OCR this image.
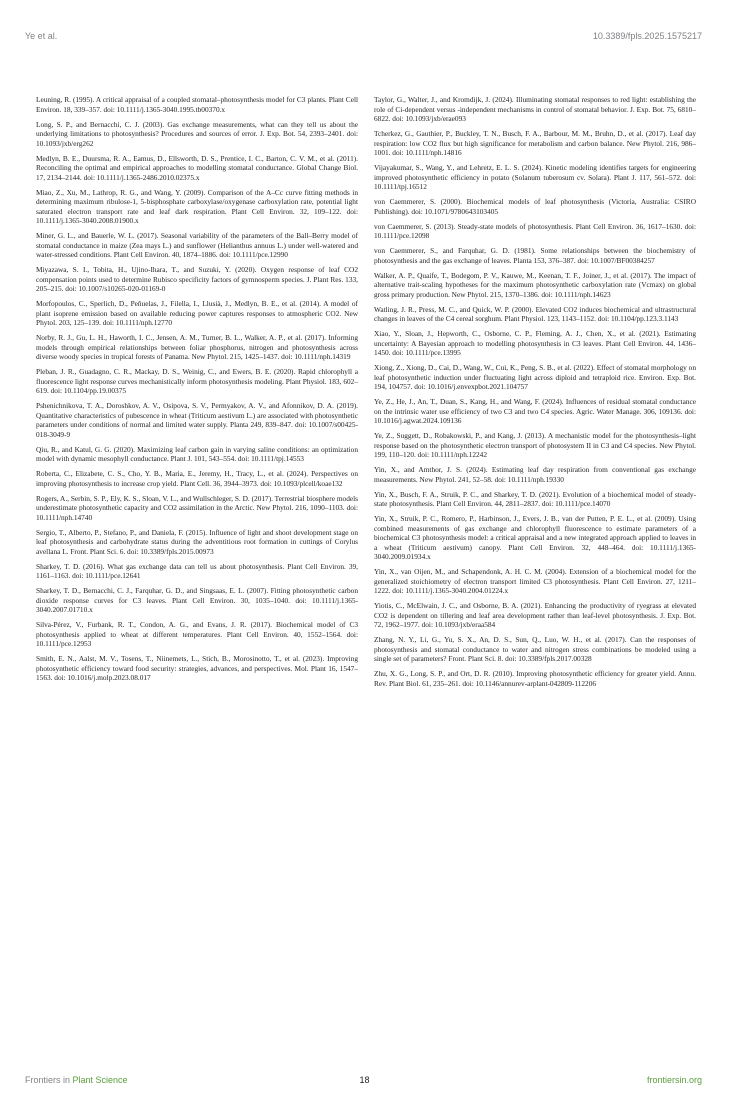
Ye et al.	10.3389/fpls.2025.1575217

Leuning, R. (1995). A critical appraisal of a coupled stomatal–photosynthesis model for C3 plants. Plant Cell Environ. 18, 339–357. doi: 10.1111/j.1365-3040.1995.tb00370.x

Long, S. P., and Bernacchi, C. J. (2003). Gas exchange measurements, what can they tell us about the underlying limitations to photosynthesis? Procedures and sources of error. J. Exp. Bot. 54, 2393–2401. doi: 10.1093/jxb/erg262

Medlyn, B. E., Duursma, R. A., Eamus, D., Ellsworth, D. S., Prentice, I. C., Barton, C. V. M., et al. (2011). Reconciling the optimal and empirical approaches to modelling stomatal conductance. Global Change Biol. 17, 2134–2144. doi: 10.1111/j.1365-2486.2010.02375.x

Miao, Z., Xu, M., Lathrop, R. G., and Wang, Y. (2009). Comparison of the A–Cc curve fitting methods in determining maximum ribulose-1, 5-bisphosphate carboxylase/oxygenase carboxylation rate, potential light saturated electron transport rate and leaf dark respiration. Plant Cell Environ. 32, 109–122. doi: 10.1111/j.1365-3040.2008.01900.x

Miner, G. L., and Bauerle, W. L. (2017). Seasonal variability of the parameters of the Ball–Berry model of stomatal conductance in maize (Zea mays L.) and sunflower (Helianthus annuus L.) under well-watered and water-stressed conditions. Plant Cell Environ. 40, 1874–1886. doi: 10.1111/pce.12990

Miyazawa, S. I., Tobita, H., Ujino-Ihara, T., and Suzuki, Y. (2020). Oxygen response of leaf CO2 compensation points used to determine Rubisco specificity factors of gymnosperm species. J. Plant Res. 133, 205–215. doi: 10.1007/s10265-020-01169-0

Morfopoulos, C., Sperlich, D., Peñuelas, J., Filella, I., Llusià, J., Medlyn, B. E., et al. (2014). A model of plant isoprene emission based on available reducing power captures responses to atmospheric CO2. New Phytol. 203, 125–139. doi: 10.1111/nph.12770

Norby, R. J., Gu, L. H., Haworth, I. C., Jensen, A. M., Turner, B. L., Walker, A. P., et al. (2017). Informing models through empirical relationships between foliar phosphorus, nitrogen and photosynthesis across diverse woody species in tropical forests of Panama. New Phytol. 215, 1425–1437. doi: 10.1111/nph.14319

Pleban, J. R., Guadagno, C. R., Mackay, D. S., Weinig, C., and Ewers, B. E. (2020). Rapid chlorophyll a fluorescence light response curves mechanistically inform photosynthesis modeling. Plant Physiol. 183, 602–619. doi: 10.1104/pp.19.00375

Pshenichnikova, T. A., Doroshkov, A. V., Osipova, S. V., Permyakov, A. V., and Afonnikov, D. A. (2019). Quantitative characteristics of pubescence in wheat (Triticum aestivum L.) are associated with photosynthetic parameters under conditions of normal and limited water supply. Planta 249, 839–847. doi: 10.1007/s00425-018-3049-9

Qiu, R., and Katul, G. G. (2020). Maximizing leaf carbon gain in varying saline conditions: an optimization model with dynamic mesophyll conductance. Plant J. 101, 543–554. doi: 10.1111/tpj.14553

Roberta, C., Elizabete, C. S., Cho, Y. B., Maria, E., Jeremy, H., Tracy, L., et al. (2024). Perspectives on improving photosynthesis to increase crop yield. Plant Cell. 36, 3944–3973. doi: 10.1093/plcell/koae132

Rogers, A., Serbin, S. P., Ely, K. S., Sloan, V. L., and Wullschleger, S. D. (2017). Terrestrial biosphere models underestimate photosynthetic capacity and CO2 assimilation in the Arctic. New Phytol. 216, 1090–1103. doi: 10.1111/nph.14740

Sergio, T., Alberto, P., Stefano, P., and Daniela, F. (2015). Influence of light and shoot development stage on leaf photosynthesis and carbohydrate status during the adventitious root formation in cuttings of Corylus avellana L. Front. Plant Sci. 6. doi: 10.3389/fpls.2015.00973

Sharkey, T. D. (2016). What gas exchange data can tell us about photosynthesis. Plant Cell Environ. 39, 1161–1163. doi: 10.1111/pce.12641

Sharkey, T. D., Bernacchi, C. J., Farquhar, G. D., and Singsaas, E. L. (2007). Fitting photosynthetic carbon dioxide response curves for C3 leaves. Plant Cell Environ. 30, 1035–1040. doi: 10.1111/j.1365-3040.2007.01710.x

Silva-Pérez, V., Furbank, R. T., Condon, A. G., and Evans, J. R. (2017). Biochemical model of C3 photosynthesis applied to wheat at different temperatures. Plant Cell Environ. 40, 1552–1564. doi: 10.1111/pce.12953

Smith, E. N., Aalst, M. V., Tosens, T., Niinemets, L., Stich, B., Morosinotto, T., et al. (2023). Improving photosynthetic efficiency toward food security: strategies, advances, and perspectives. Mol. Plant 16, 1547–1563. doi: 10.1016/j.molp.2023.08.017

Taylor, G., Walter, J., and Kromdijk, J. (2024). Illuminating stomatal responses to red light: establishing the role of Ci-dependent versus -independent mechanisms in control of stomatal behavior. J. Exp. Bot. 75, 6810–6822. doi: 10.1093/jxb/erae093

Tcherkez, G., Gauthier, P., Buckley, T. N., Busch, F. A., Barbour, M. M., Bruhn, D., et al. (2017). Leaf day respiration: low CO2 flux but high significance for metabolism and carbon balance. New Phytol. 216, 986–1001. doi: 10.1111/nph.14816

Vijayakumar, S., Wang, Y., and Lehretz, E. L. S. (2024). Kinetic modeling identifies targets for engineering improved photosynthetic efficiency in potato (Solanum tuberosum cv. Solara). Plant J. 117, 561–572. doi: 10.1111/tpj.16512

von Caemmerer, S. (2000). Biochemical models of leaf photosynthesis (Victoria, Australia: CSIRO Publishing). doi: 10.1071/9780643103405

von Caemmerer, S. (2013). Steady-state models of photosynthesis. Plant Cell Environ. 36, 1617–1630. doi: 10.1111/pce.12098

von Caemmerer, S., and Farquhar, G. D. (1981). Some relationships between the biochemistry of photosynthesis and the gas exchange of leaves. Planta 153, 376–387. doi: 10.1007/BF00384257

Walker, A. P., Quaife, T., Bodegom, P. V., Kauwe, M., Keenan, T. F., Joiner, J., et al. (2017). The impact of alternative trait-scaling hypotheses for the maximum photosynthetic carboxylation rate (Vcmax) on global gross primary production. New Phytol. 215, 1370–1386. doi: 10.1111/nph.14623

Watling, J. R., Press, M. C., and Quick, W. P. (2000). Elevated CO2 induces biochemical and ultrastructural changes in leaves of the C4 cereal sorghum. Plant Physiol. 123, 1143–1152. doi: 10.1104/pp.123.3.1143

Xiao, Y., Sloan, J., Hepworth, C., Osborne, C. P., Fleming, A. J., Chen, X., et al. (2021). Estimating uncertainty: A Bayesian approach to modelling photosynthesis in C3 leaves. Plant Cell Environ. 44, 1436–1450. doi: 10.1111/pce.13995

Xiong, Z., Xiong, D., Cai, D., Wang, W., Cui, K., Peng, S. B., et al. (2022). Effect of stomatal morphology on leaf photosynthetic induction under fluctuating light across diploid and tetraploid rice. Environ. Exp. Bot. 194, 104757. doi: 10.1016/j.envexpbot.2021.104757

Ye, Z., He, J., An, T., Duan, S., Kang, H., and Wang, F. (2024). Influences of residual stomatal conductance on the intrinsic water use efficiency of two C3 and two C4 species. Agric. Water Manage. 306, 109136. doi: 10.1016/j.agwat.2024.109136

Ye, Z., Suggett, D., Robakowski, P., and Kang, J. (2013). A mechanistic model for the photosynthesis–light response based on the photosynthetic electron transport of photosystem II in C3 and C4 species. New Phytol. 199, 110–120. doi: 10.1111/nph.12242

Yin, X., and Amthor, J. S. (2024). Estimating leaf day respiration from conventional gas exchange measurements. New Phytol. 241, 52–58. doi: 10.1111/nph.19330

Yin, X., Busch, F. A., Struik, P. C., and Sharkey, T. D. (2021). Evolution of a biochemical model of steady-state photosynthesis. Plant Cell Environ. 44, 2811–2837. doi: 10.1111/pce.14070

Yin, X., Struik, P. C., Romero, P., Harbinson, J., Evers, J. B., van der Putten, P. E. L., et al. (2009). Using combined measurements of gas exchange and chlorophyll fluorescence to estimate parameters of a biochemical C3 photosynthesis model: a critical appraisal and a new integrated approach applied to leaves in a wheat (Triticum aestivum) canopy. Plant Cell Environ. 32, 448–464. doi: 10.1111/j.1365-3040.2009.01934.x

Yin, X., van Oijen, M., and Schapendonk, A. H. C. M. (2004). Extension of a biochemical model for the generalized stoichiometry of electron transport limited C3 photosynthesis. Plant Cell Environ. 27, 1211–1222. doi: 10.1111/j.1365-3040.2004.01224.x

Yiotis, C., McElwain, J. C., and Osborne, B. A. (2021). Enhancing the productivity of ryegrass at elevated CO2 is dependent on tillering and leaf area development rather than leaf-level photosynthesis. J. Exp. Bot. 72, 1962–1977. doi: 10.1093/jxb/eraa584

Zhang, N. Y., Li, G., Yu, S. X., An, D. S., Sun, Q., Luo, W. H., et al. (2017). Can the responses of photosynthesis and stomatal conductance to water and nitrogen stress combinations be modeled using a single set of parameters? Front. Plant Sci. 8. doi: 10.3389/fpls.2017.00328

Zhu, X. G., Long, S. P., and Ort, D. R. (2010). Improving photosynthetic efficiency for greater yield. Annu. Rev. Plant Biol. 61, 235–261. doi: 10.1146/annurev-arplant-042809-112206

Frontiers in Plant Science	18	frontiersin.org
